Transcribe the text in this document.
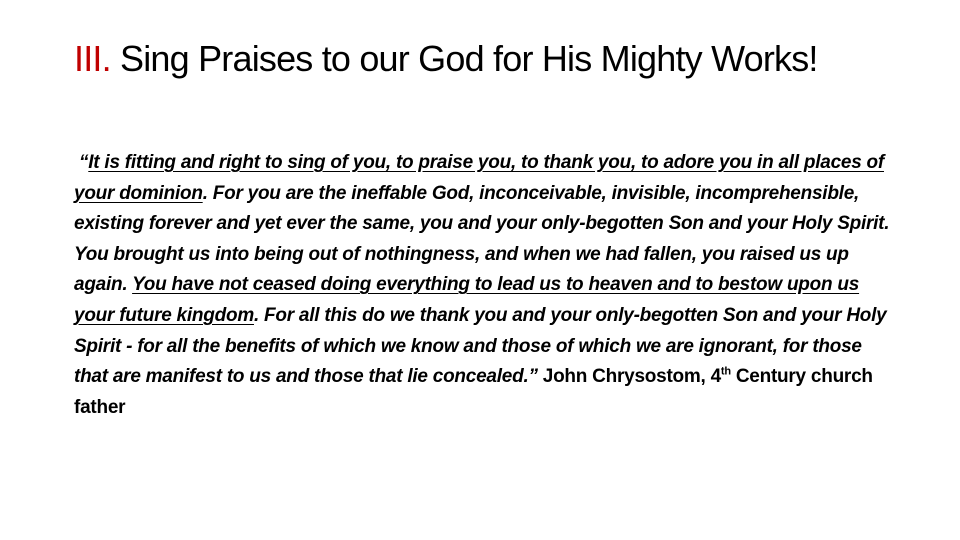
III. Sing Praises to our God for His Mighty Works!

“It is fitting and right to sing of you, to praise you, to thank you, to adore you in all places of your dominion. For you are the ineffable God, inconceivable, invisible, incomprehensible, existing forever and yet ever the same, you and your only-begotten Son and your Holy Spirit. You brought us into being out of nothingness, and when we had fallen, you raised us up again. You have not ceased doing everything to lead us to heaven and to bestow upon us your future kingdom. For all this do we thank you and your only-begotten Son and your Holy Spirit - for all the benefits of which we know and those of which we are ignorant, for those that are manifest to us and those that lie concealed.” John Chrysostom, 4th Century church father
